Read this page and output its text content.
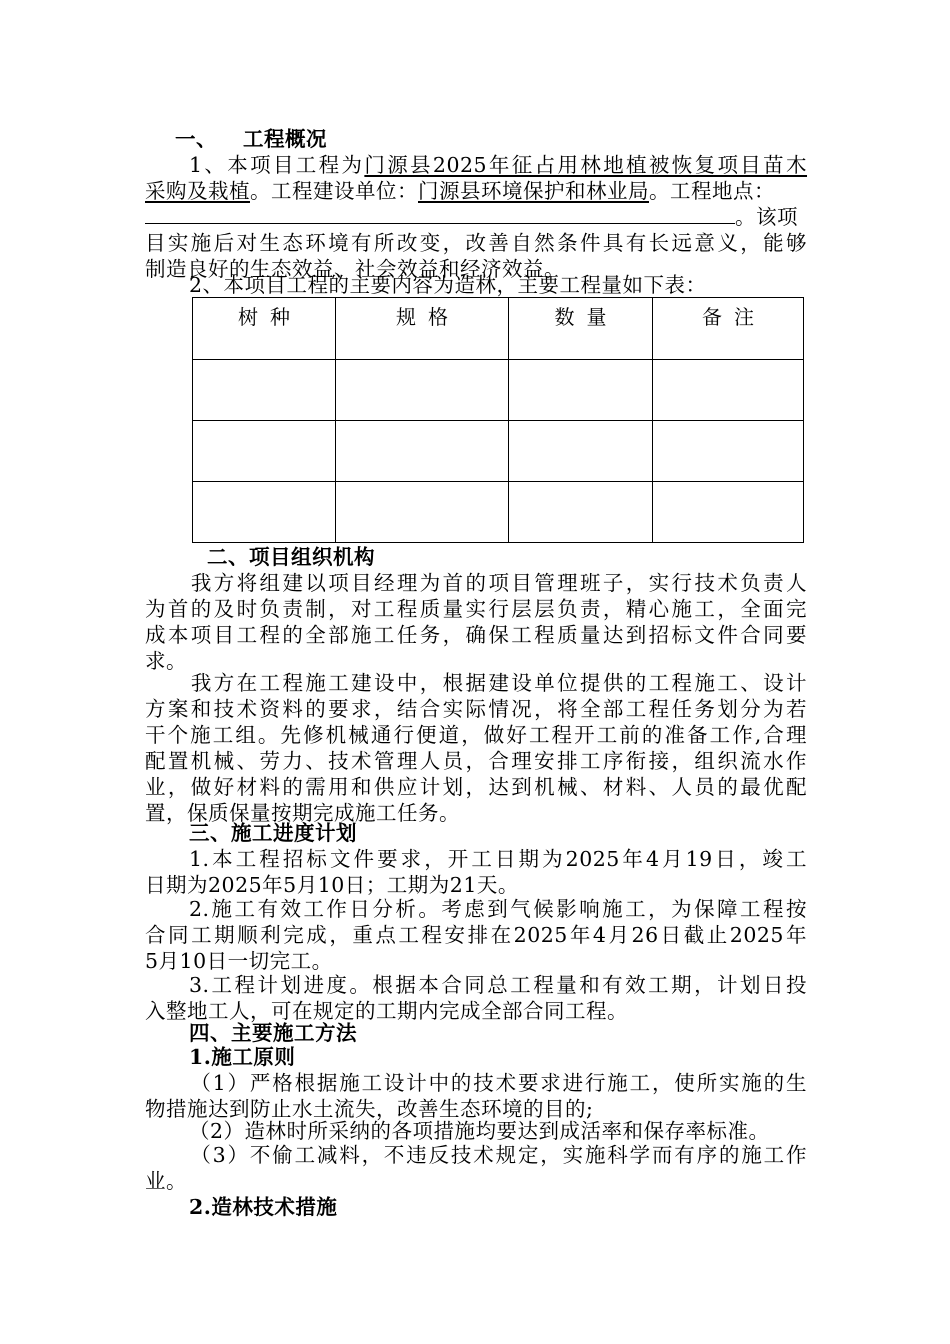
一、 工程概况
1、本项目工程为门源县2025年征占用林地植被恢复项目苗木
采购及栽植。工程建设单位：门源县环境保护和林业局。工程地点：
。该项
目实施后对生态环境有所改变，改善自然条件具有长远意义，能够
制造良好的生态效益、社会效益和经济效益。
2、本项目工程的主要内容为造林，主要工程量如下表：
树种	规格	数量	备注

二、项目组织机构
我方将组建以项目经理为首的项目管理班子，实行技术负责人
为首的及时负责制，对工程质量实行层层负责，精心施工，全面完
成本项目工程的全部施工任务，确保工程质量达到招标文件合同要
求。
我方在工程施工建设中，根据建设单位提供的工程施工、设计
方案和技术资料的要求，结合实际情况，将全部工程任务划分为若
干个施工组。先修机械通行便道，做好工程开工前的准备工作,合理
配置机械、劳力、技术管理人员，合理安排工序衔接，组织流水作
业，做好材料的需用和供应计划，达到机械、材料、人员的最优配
置，保质保量按期完成施工任务。
三、施工进度计划
1.本工程招标文件要求，开工日期为2025年4月19日，竣工
日期为2025年5月10日；工期为21天。
2.施工有效工作日分析。考虑到气候影响施工，为保障工程按
合同工期顺利完成，重点工程安排在2025年4月26日截止2025年
5月10日一切完工。
3.工程计划进度。根据本合同总工程量和有效工期，计划日投
入整地工人，可在规定的工期内完成全部合同工程。
四、主要施工方法
1.施工原则
（1）严格根据施工设计中的技术要求进行施工，使所实施的生
物措施达到防止水土流失，改善生态环境的目的;
（2）造林时所采纳的各项措施均要达到成活率和保存率标准。
（3）不偷工减料，不违反技术规定，实施科学而有序的施工作
业。
2.造林技术措施
